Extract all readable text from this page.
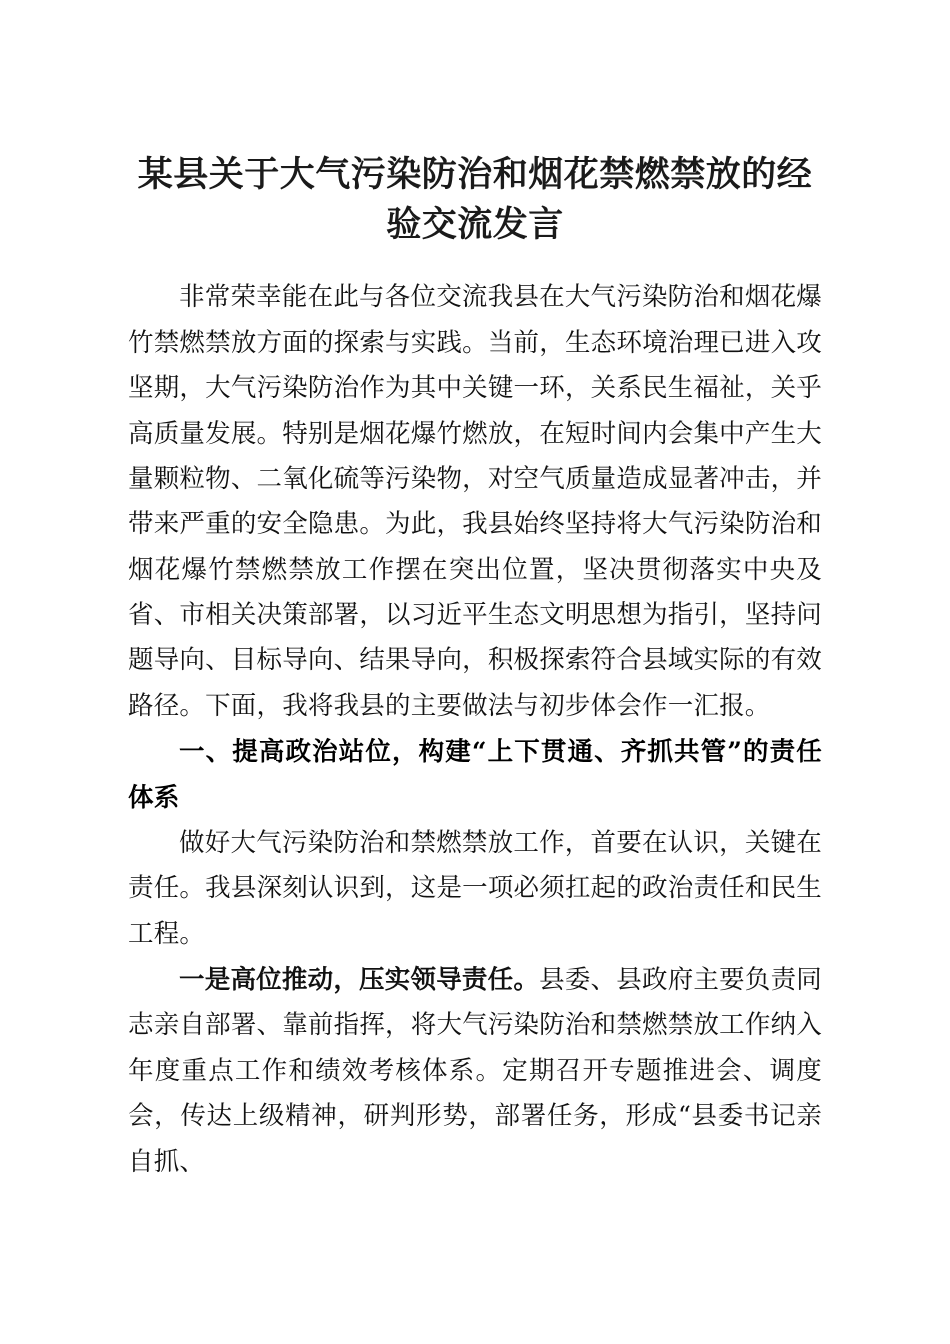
某县关于大气污染防治和烟花禁燃禁放的经验交流发言

非常荣幸能在此与各位交流我县在大气污染防治和烟花爆竹禁燃禁放方面的探索与实践。当前，生态环境治理已进入攻坚期，大气污染防治作为其中关键一环，关系民生福祉，关乎高质量发展。特别是烟花爆竹燃放，在短时间内会集中产生大量颗粒物、二氧化硫等污染物，对空气质量造成显著冲击，并带来严重的安全隐患。为此，我县始终坚持将大气污染防治和烟花爆竹禁燃禁放工作摆在突出位置，坚决贯彻落实中央及省、市相关决策部署，以习近平生态文明思想为指引，坚持问题导向、目标导向、结果导向，积极探索符合县域实际的有效路径。下面，我将我县的主要做法与初步体会作一汇报。

一、提高政治站位，构建“上下贯通、齐抓共管”的责任体系

做好大气污染防治和禁燃禁放工作，首要在认识，关键在责任。我县深刻认识到，这是一项必须扛起的政治责任和民生工程。

一是高位推动，压实领导责任。县委、县政府主要负责同志亲自部署、靠前指挥，将大气污染防治和禁燃禁放工作纳入年度重点工作和绩效考核体系。定期召开专题推进会、调度会，传达上级精神，研判形势，部署任务，形成“县委书记亲自抓、
